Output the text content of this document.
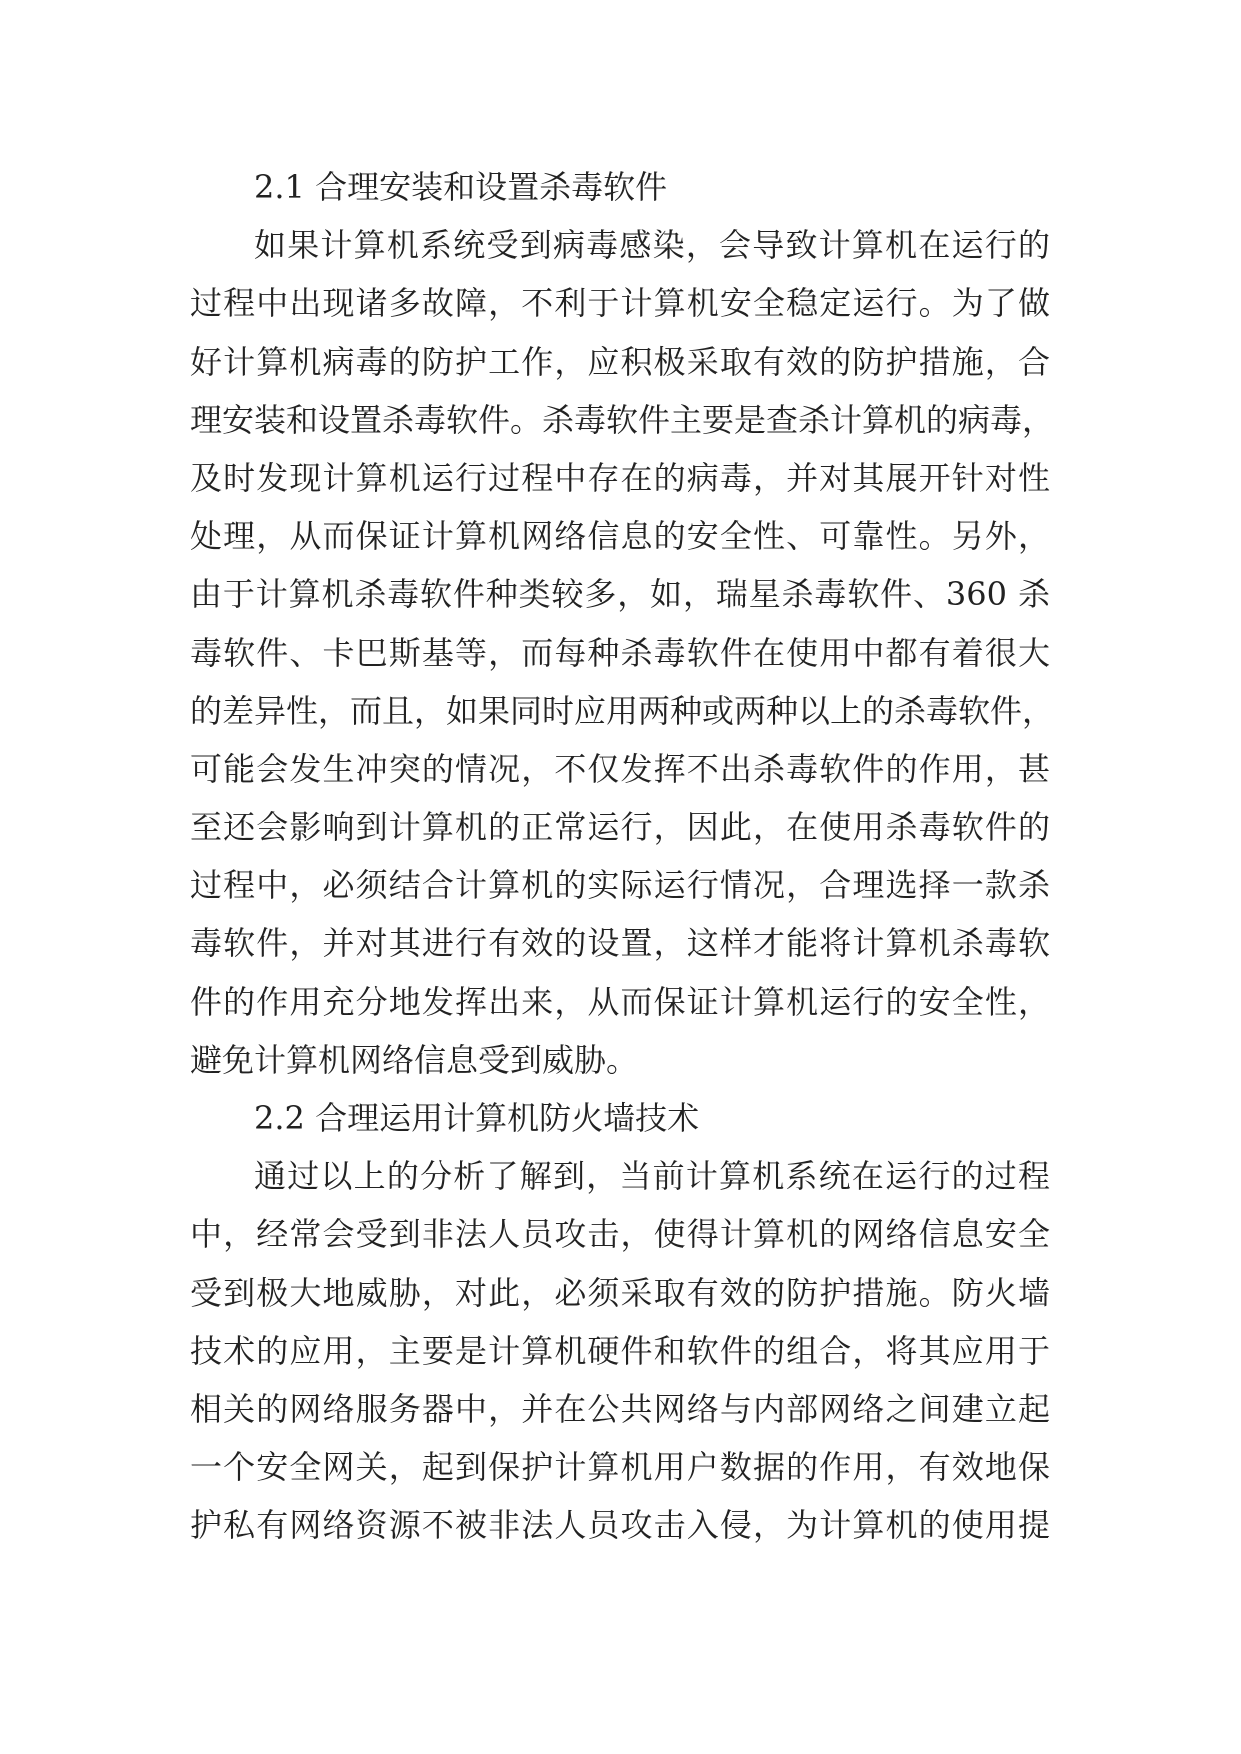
2.1 合理安装和设置杀毒软件
如果计算机系统受到病毒感染，会导致计算机在运行的
过程中出现诸多故障，不利于计算机安全稳定运行。为了做
好计算机病毒的防护工作，应积极采取有效的防护措施，合
理安装和设置杀毒软件。杀毒软件主要是查杀计算机的病毒，
及时发现计算机运行过程中存在的病毒，并对其展开针对性
处理，从而保证计算机网络信息的安全性、可靠性。另外，
由于计算机杀毒软件种类较多，如，瑞星杀毒软件、360 杀
毒软件、卡巴斯基等，而每种杀毒软件在使用中都有着很大
的差异性，而且，如果同时应用两种或两种以上的杀毒软件，
可能会发生冲突的情况，不仅发挥不出杀毒软件的作用，甚
至还会影响到计算机的正常运行，因此，在使用杀毒软件的
过程中，必须结合计算机的实际运行情况，合理选择一款杀
毒软件，并对其进行有效的设置，这样才能将计算机杀毒软
件的作用充分地发挥出来，从而保证计算机运行的安全性，
避免计算机网络信息受到威胁。
2.2 合理运用计算机防火墙技术
通过以上的分析了解到，当前计算机系统在运行的过程
中，经常会受到非法人员攻击，使得计算机的网络信息安全
受到极大地威胁，对此，必须采取有效的防护措施。防火墙
技术的应用，主要是计算机硬件和软件的组合，将其应用于
相关的网络服务器中，并在公共网络与内部网络之间建立起
一个安全网关，起到保护计算机用户数据的作用，有效地保
护私有网络资源不被非法人员攻击入侵，为计算机的使用提
